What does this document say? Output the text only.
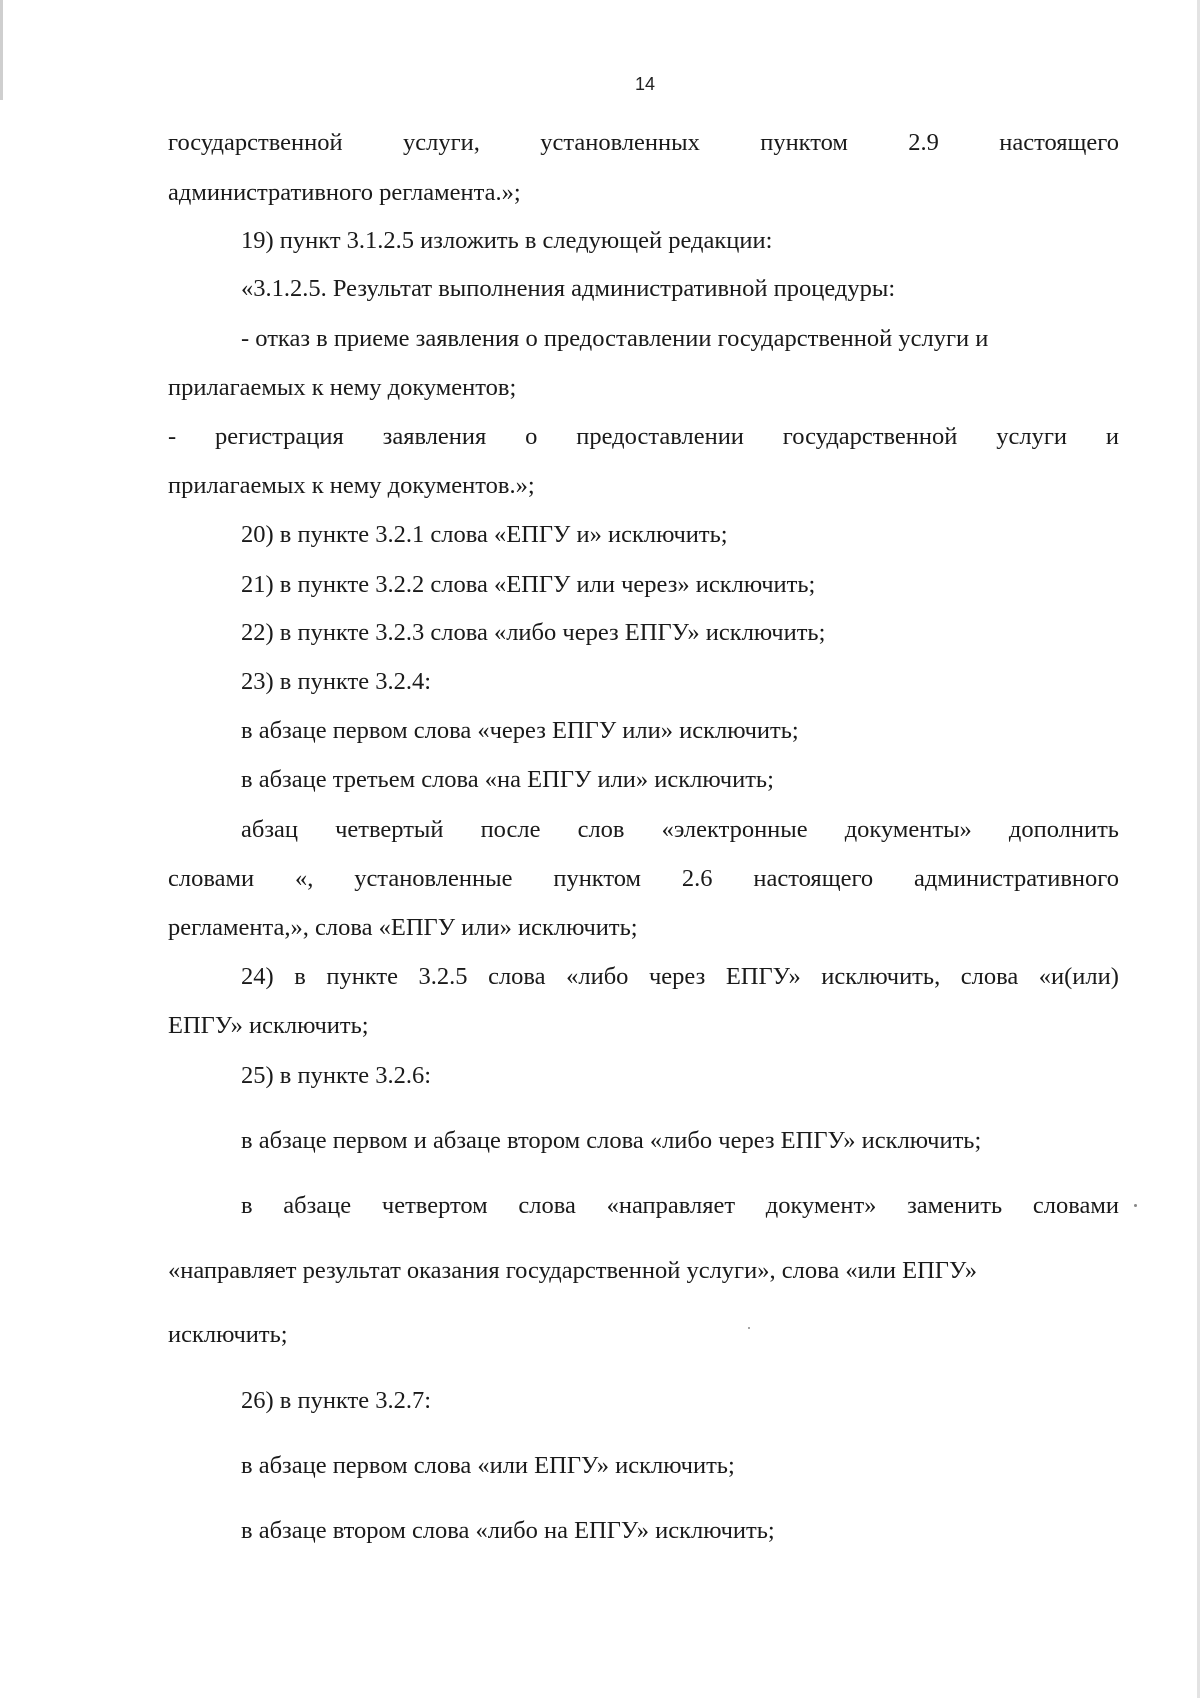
14
государственной услуги, установленных пунктом 2.9 настоящего
административного регламента.»;
19) пункт 3.1.2.5 изложить в следующей редакции:
«3.1.2.5. Результат выполнения административной процедуры:
- отказ в приеме заявления о предоставлении государственной услуги и
прилагаемых к нему документов;
- регистрация заявления о предоставлении государственной услуги и
прилагаемых к нему документов.»;
20) в пункте 3.2.1 слова «ЕПГУ и» исключить;
21) в пункте 3.2.2 слова «ЕПГУ или через» исключить;
22) в пункте 3.2.3 слова «либо через ЕПГУ» исключить;
23) в пункте 3.2.4:
в абзаце первом слова «через ЕПГУ или» исключить;
в абзаце третьем слова «на ЕПГУ или» исключить;
абзац четвертый после слов «электронные документы» дополнить
словами «, установленные пунктом 2.6 настоящего административного
регламента,», слова «ЕПГУ или» исключить;
24) в пункте 3.2.5 слова «либо через ЕПГУ» исключить, слова «и(или)
ЕПГУ» исключить;
25) в пункте 3.2.6:
в абзаце первом и абзаце втором слова «либо через ЕПГУ» исключить;
в абзаце четвертом слова «направляет документ» заменить словами
«направляет результат оказания государственной услуги», слова «или ЕПГУ»
исключить;
26) в пункте 3.2.7:
в абзаце первом слова «или ЕПГУ» исключить;
в абзаце втором слова «либо на ЕПГУ» исключить;
